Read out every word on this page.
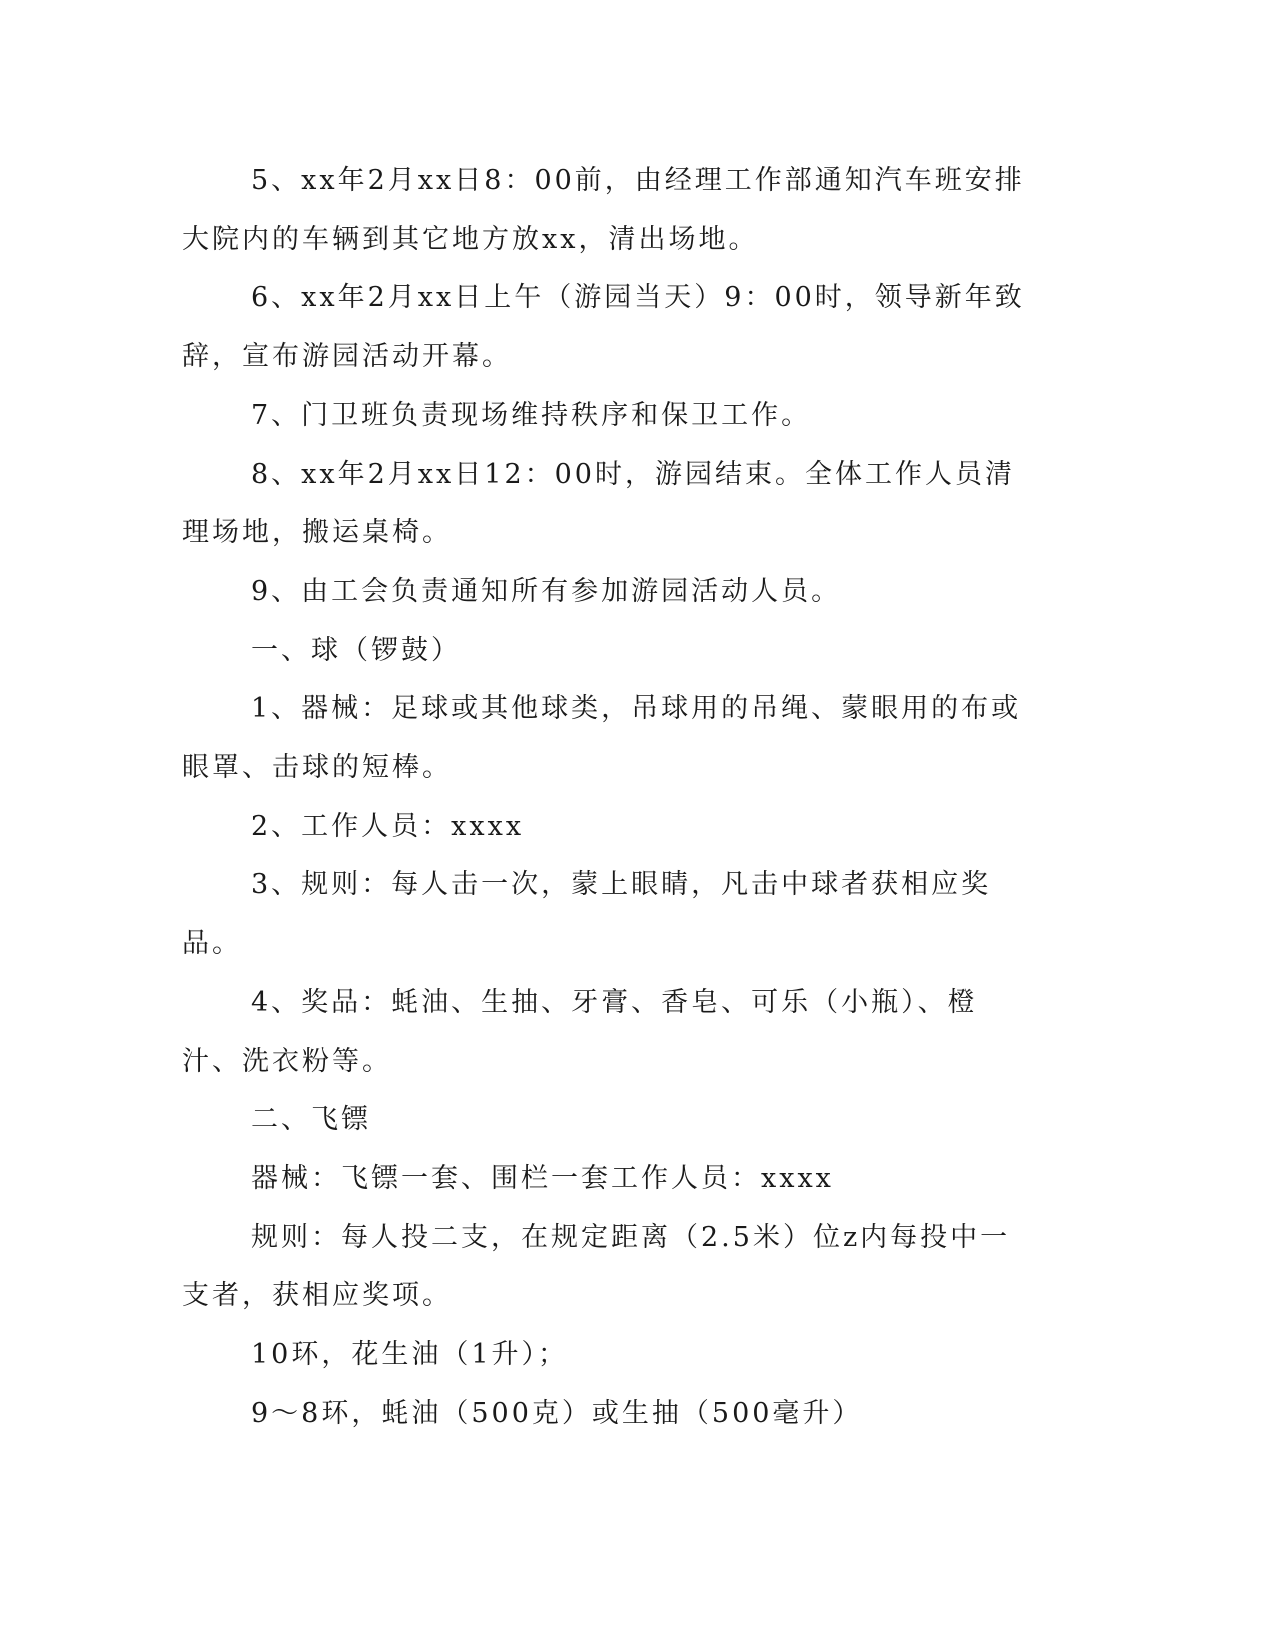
5、xx年2月xx日8：00前，由经理工作部通知汽车班安排大院内的车辆到其它地方放xx，清出场地。

6、xx年2月xx日上午（游园当天）9：00时，领导新年致辞，宣布游园活动开幕。

7、门卫班负责现场维持秩序和保卫工作。

8、xx年2月xx日12：00时，游园结束。全体工作人员清理场地，搬运桌椅。

9、由工会负责通知所有参加游园活动人员。

一、球（锣鼓）

1、器械：足球或其他球类，吊球用的吊绳、蒙眼用的布或眼罩、击球的短棒。

2、工作人员：xxxx

3、规则：每人击一次，蒙上眼睛，凡击中球者获相应奖品。

4、奖品：蚝油、生抽、牙膏、香皂、可乐（小瓶）、橙汁、洗衣粉等。

二、飞镖

器械：飞镖一套、围栏一套工作人员：xxxx

规则：每人投二支，在规定距离（2.5米）位z内每投中一支者，获相应奖项。

10环，花生油（1升）；

9～8环，蚝油（500克）或生抽（500毫升）
